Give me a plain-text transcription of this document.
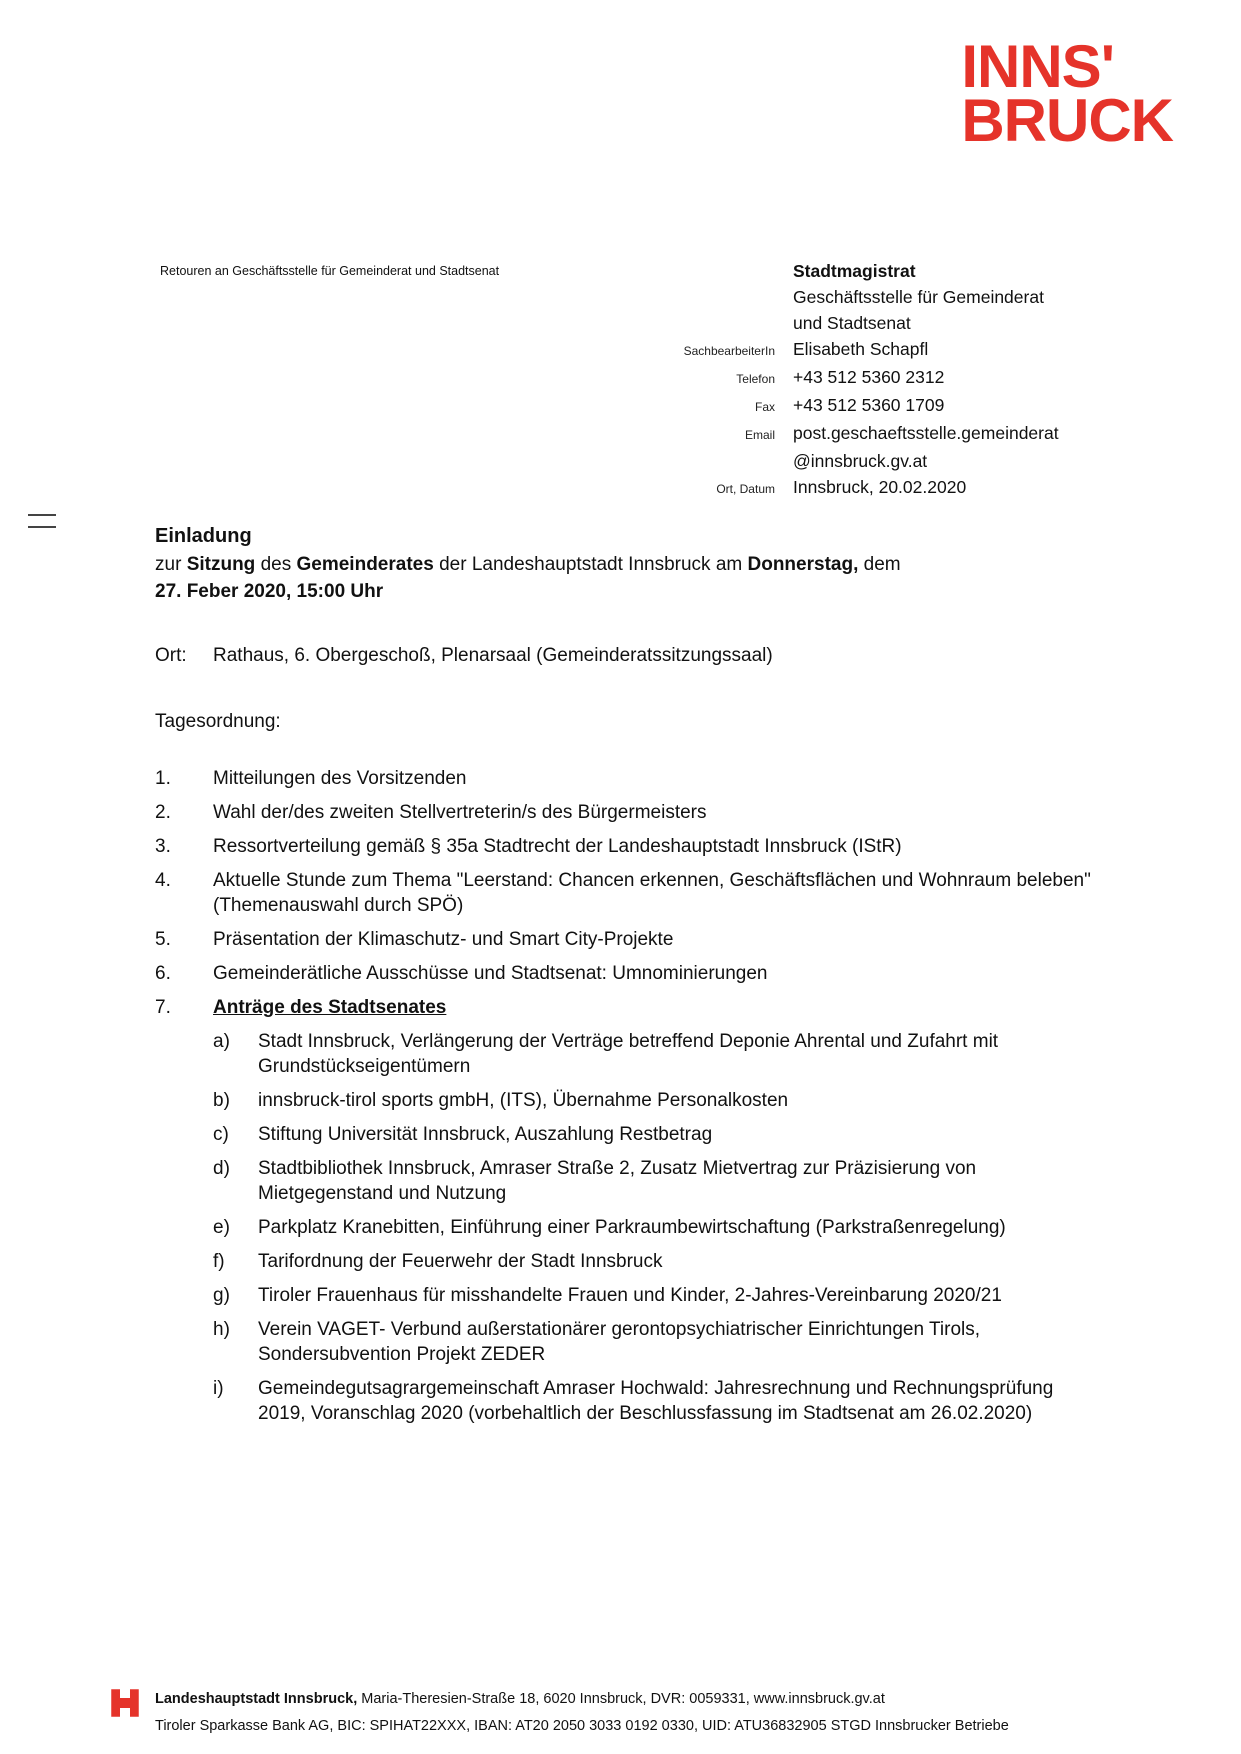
INNS'
BRUCK
Retouren an Geschäftsstelle für Gemeinderat und Stadtsenat	Stadtmagistrat
Geschäftsstelle für Gemeinderat
und Stadtsenat
SachbearbeiterIn Elisabeth Schapfl
Telefon +43 512 5360 2312
Fax +43 512 5360 1709
Email post.geschaeftsstelle.gemeinderat
@innsbruck.gv.at
Ort, Datum Innsbruck, 20.02.2020
Einladung
zur Sitzung des Gemeinderates der Landeshauptstadt Innsbruck am Donnerstag, dem
27. Feber 2020, 15:00 Uhr
Ort:	Rathaus, 6. Obergeschoß, Plenarsaal (Gemeinderatssitzungssaal)
Tagesordnung:
1.	Mitteilungen des Vorsitzenden
2.	Wahl der/des zweiten Stellvertreterin/s des Bürgermeisters
3.	Ressortverteilung gemäß § 35a Stadtrecht der Landeshauptstadt Innsbruck (IStR)
4.	Aktuelle Stunde zum Thema "Leerstand: Chancen erkennen, Geschäftsflächen und Wohnraum beleben" (Themenauswahl durch SPÖ)
5.	Präsentation der Klimaschutz- und Smart City-Projekte
6.	Gemeinderätliche Ausschüsse und Stadtsenat: Umnominierungen
7.	Anträge des Stadtsenates
a)	Stadt Innsbruck, Verlängerung der Verträge betreffend Deponie Ahrental und Zufahrt mit Grundstückseigentümern
b)	innsbruck-tirol sports gmbH, (ITS), Übernahme Personalkosten
c)	Stiftung Universität Innsbruck, Auszahlung Restbetrag
d)	Stadtbibliothek Innsbruck, Amraser Straße 2, Zusatz Mietvertrag zur Präzisierung von Mietgegenstand und Nutzung
e)	Parkplatz Kranebitten, Einführung einer Parkraumbewirtschaftung (Parkstraßenregelung)
f)	Tarifordnung der Feuerwehr der Stadt Innsbruck
g)	Tiroler Frauenhaus für misshandelte Frauen und Kinder, 2-Jahres-Vereinbarung 2020/21
h)	Verein VAGET- Verbund außerstationärer gerontopsychiatrischer Einrichtungen Tirols, Sondersubvention Projekt ZEDER
i)	Gemeindegutsagrargemeinschaft Amraser Hochwald: Jahresrechnung und Rechnungsprüfung 2019, Voranschlag 2020 (vorbehaltlich der Beschlussfassung im Stadtsenat am 26.02.2020)
Landeshauptstadt Innsbruck, Maria-Theresien-Straße 18, 6020 Innsbruck, DVR: 0059331, www.innsbruck.gv.at
Tiroler Sparkasse Bank AG, BIC: SPIHAT22XXX, IBAN: AT20 2050 3033 0192 0330, UID: ATU36832905 STGD Innsbrucker Betriebe
